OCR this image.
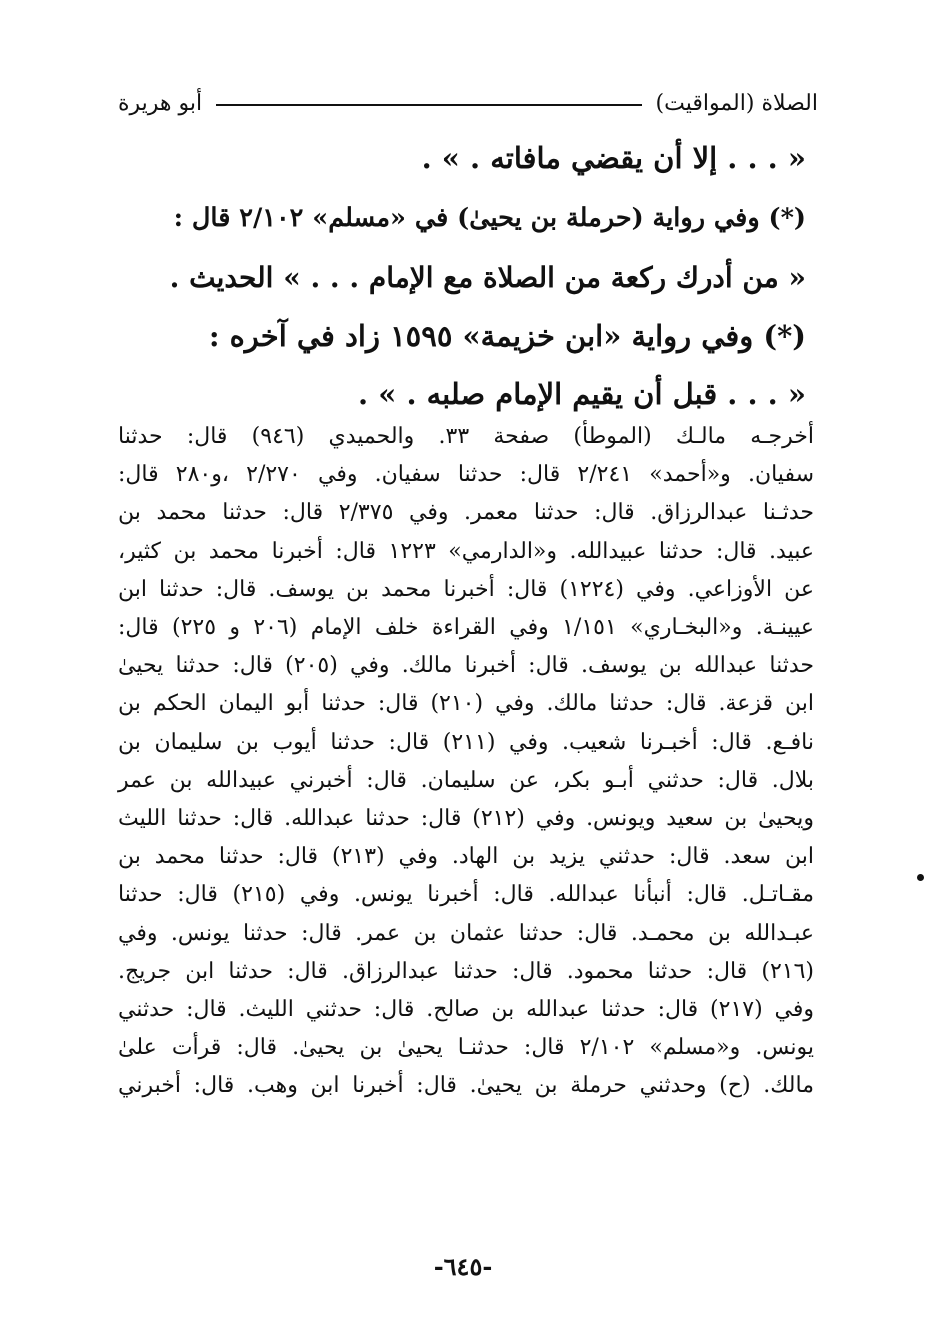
الصلاة (المواقيت)
أبو هريرة
« . . . إلا أن يقضي مافاته . » .
(*) وفي رواية (حرملة بن يحيىٰ) في «مسلم» ٢/١٠٢ قال :
« من أدرك ركعة من الصلاة مع الإمام . . . » الحديث .
(*) وفي رواية «ابن خزيمة» ١٥٩٥ زاد في آخره :
« . . . قبل أن يقيم الإمام صلبه . » .
أخرجـه مالـك (الموطأ) صفحة ٣٣. والحميدي (٩٤٦) قال: حدثنا
سفيان. و«أحمد» ٢/٢٤١ قال: حدثنا سفيان. وفي ٢/٢٧٠ ،و٢٨٠ قال:
حدثـنا عبدالرزاق. قال: حدثنا معمر. وفي ٢/٣٧٥ قال: حدثنا محمد بن
عبيد. قال: حدثنا عبيدالله. و«الدارمي» ١٢٢٣ قال: أخبرنا محمد بن كثير،
عن الأوزاعي. وفي (١٢٢٤) قال: أخبرنا محمد بن يوسف. قال: حدثنا ابن
عيينـة. و«البخـاري» ١/١٥١ وفي القراءة خلف الإمام (٢٠٦ و ٢٢٥) قال:
حدثنا عبدالله بن يوسف. قال: أخبرنا مالك. وفي (٢٠٥) قال: حدثنا يحيىٰ
ابن قزعة. قال: حدثنا مالك. وفي (٢١٠) قال: حدثنا أبو اليمان الحكم بن
نافـع. قال: أخبـرنا شعيب. وفي (٢١١) قال: حدثنا أيوب بن سليمان بن
بلال. قال: حدثني أبـو بكر، عن سليمان. قال: أخبرني عبيدالله بن عمر
ويحيىٰ بن سعيد ويونس. وفي (٢١٢) قال: حدثنا عبدالله. قال: حدثنا الليث
ابن سعد. قال: حدثني يزيد بن الهاد. وفي (٢١٣) قال: حدثنا محمد بن
مقـاتـل. قال: أنبأنا عبدالله. قال: أخبرنا يونس. وفي (٢١٥) قال: حدثنا
عبـدالله بن محمـد. قال: حدثنا عثمان بن عمر. قال: حدثنا يونس. وفي
(٢١٦) قال: حدثنا محمود. قال: حدثنا عبدالرزاق. قال: حدثنا ابن جريج.
وفي (٢١٧) قال: حدثنا عبدالله بن صالح. قال: حدثني الليث. قال: حدثني
يونس. و«مسلم» ٢/١٠٢ قال: حدثنـا يحيىٰ بن يحيىٰ. قال: قرأت علىٰ
مالك. (ح) وحدثني حرملة بن يحيىٰ. قال: أخبرنا ابن وهب. قال: أخبرني
-٦٤٥-
